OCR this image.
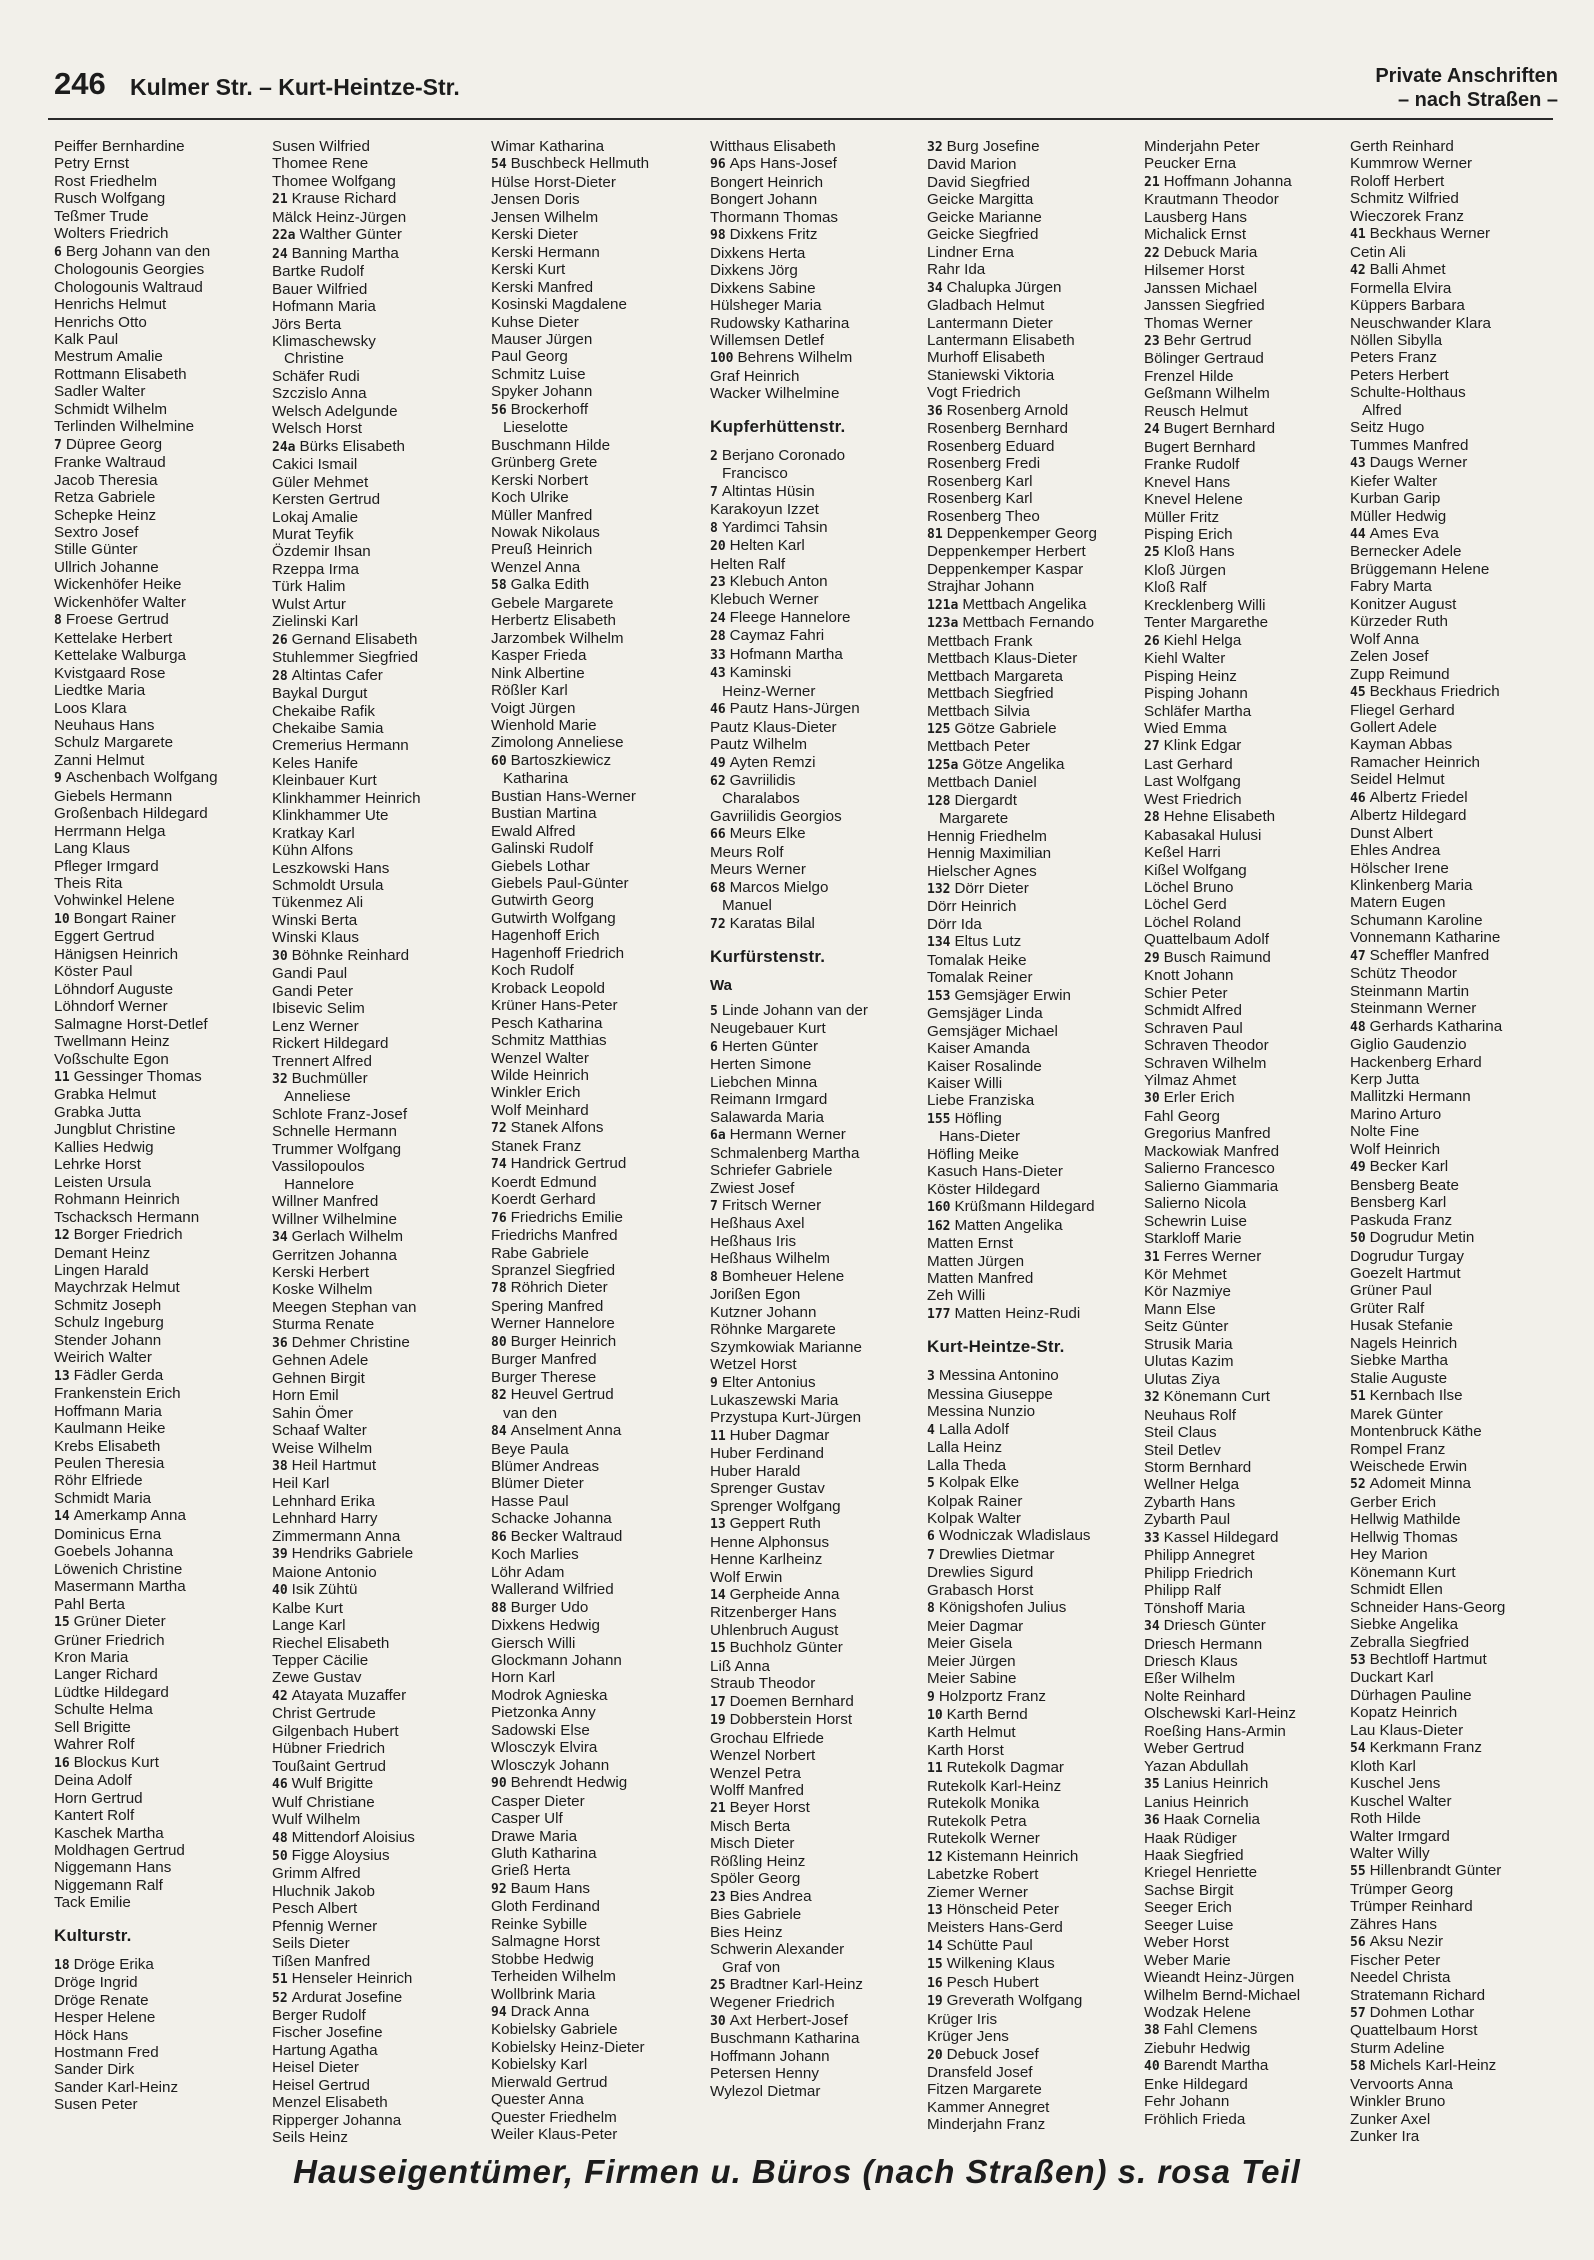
246 Kulmer Str. – Kurt-Heintze-Str.	Private Anschriften
– nach Straßen –
Peiffer Bernhardine
Petry Ernst
Rost Friedhelm
Rusch Wolfgang
Teßmer Trude
Wolters Friedrich
6 Berg Johann van den
Chologounis Georgies
Chologounis Waltraud
Henrichs Helmut
Henrichs Otto
Kalk Paul
Mestrum Amalie
Rottmann Elisabeth
Sadler Walter
Schmidt Wilhelm
Terlinden Wilhelmine
7 Düpree Georg
Franke Waltraud
Jacob Theresia
Retza Gabriele
Schepke Heinz
Sextro Josef
Stille Günter
Ullrich Johanne
Wickenhöfer Heike
Wickenhöfer Walter
8 Froese Gertrud
Kettelake Herbert
Kettelake Walburga
Kvistgaard Rose
Liedtke Maria
Loos Klara
Neuhaus Hans
Schulz Margarete
Zanni Helmut
9 Aschenbach Wolfgang
Giebels Hermann
Großenbach Hildegard
Herrmann Helga
Lang Klaus
Pfleger Irmgard
Theis Rita
Vohwinkel Helene
10 Bongart Rainer
Eggert Gertrud
Hänigsen Heinrich
Köster Paul
Löhndorf Auguste
Löhndorf Werner
Salmagne Horst-Detlef
Twellmann Heinz
Voßschulte Egon
11 Gessinger Thomas
Grabka Helmut
Grabka Jutta
Jungblut Christine
Kallies Hedwig
Lehrke Horst
Leisten Ursula
Rohmann Heinrich
Tschacksch Hermann
12 Borger Friedrich
Demant Heinz
Lingen Harald
Maychrzak Helmut
Schmitz Joseph
Schulz Ingeburg
Stender Johann
Weirich Walter
13 Fädler Gerda
Frankenstein Erich
Hoffmann Maria
Kaulmann Heike
Krebs Elisabeth
Peulen Theresia
Röhr Elfriede
Schmidt Maria
14 Amerkamp Anna
Dominicus Erna
Goebels Johanna
Löwenich Christine
Masermann Martha
Pahl Berta
15 Grüner Dieter
Grüner Friedrich
Kron Maria
Langer Richard
Lüdtke Hildegard
Schulte Helma
Sell Brigitte
Wahrer Rolf
16 Blockus Kurt
Deina Adolf
Horn Gertrud
Kantert Rolf
Kaschek Martha
Moldhagen Gertrud
Niggemann Hans
Niggemann Ralf
Tack Emilie
Kulturstr.
18 Dröge Erika
Dröge Ingrid
Dröge Renate
Hesper Helene
Höck Hans
Hostmann Fred
Sander Dirk
Sander Karl-Heinz
Susen Peter
Susen Wilfried
Thomee Rene
Thomee Wolfgang
21 Krause Richard
Mälck Heinz-Jürgen
22a Walther Günter
24 Banning Martha
Bartke Rudolf
Bauer Wilfried
Hofmann Maria
Jörs Berta
Klimaschewsky
Christine
Schäfer Rudi
Szczislo Anna
Welsch Adelgunde
Welsch Horst
24a Bürks Elisabeth
Cakici Ismail
Güler Mehmet
Kersten Gertrud
Lokaj Amalie
Murat Teyfik
Özdemir Ihsan
Rzeppa Irma
Türk Halim
Wulst Artur
Zielinski Karl
26 Gernand Elisabeth
Stuhlemmer Siegfried
28 Altintas Cafer
Baykal Durgut
Chekaibe Rafik
Chekaibe Samia
Cremerius Hermann
Keles Hanife
Kleinbauer Kurt
Klinkhammer Heinrich
Klinkhammer Ute
Kratkay Karl
Kühn Alfons
Leszkowski Hans
Schmoldt Ursula
Tükenmez Ali
Winski Berta
Winski Klaus
30 Böhnke Reinhard
Gandi Paul
Gandi Peter
Ibisevic Selim
Lenz Werner
Rickert Hildegard
Trennert Alfred
32 Buchmüller
Anneliese
Schlote Franz-Josef
Schnelle Hermann
Trummer Wolfgang
Vassilopoulos
Hannelore
Willner Manfred
Willner Wilhelmine
34 Gerlach Wilhelm
Gerritzen Johanna
Kerski Herbert
Koske Wilhelm
Meegen Stephan van
Sturma Renate
36 Dehmer Christine
Gehnen Adele
Gehnen Birgit
Horn Emil
Sahin Ömer
Schaaf Walter
Weise Wilhelm
38 Heil Hartmut
Heil Karl
Lehnhard Erika
Lehnhard Harry
Zimmermann Anna
39 Hendriks Gabriele
Maione Antonio
40 Isik Zühtü
Kalbe Kurt
Lange Karl
Riechel Elisabeth
Tepper Cäcilie
Zewe Gustav
42 Atayata Muzaffer
Christ Gertrude
Gilgenbach Hubert
Hübner Friedrich
Toußaint Gertrud
46 Wulf Brigitte
Wulf Christiane
Wulf Wilhelm
48 Mittendorf Aloisius
50 Figge Aloysius
Grimm Alfred
Hluchnik Jakob
Pesch Albert
Pfennig Werner
Seils Dieter
Tißen Manfred
51 Henseler Heinrich
52 Ardurat Josefine
Berger Rudolf
Fischer Josefine
Hartung Agatha
Heisel Dieter
Heisel Gertrud
Menzel Elisabeth
Ripperger Johanna
Seils Heinz
Wimar Katharina
54 Buschbeck Hellmuth
Hülse Horst-Dieter
Jensen Doris
Jensen Wilhelm
Kerski Dieter
Kerski Hermann
Kerski Kurt
Kerski Manfred
Kosinski Magdalene
Kuhse Dieter
Mauser Jürgen
Paul Georg
Schmitz Luise
Spyker Johann
56 Brockerhoff
Lieselotte
Buschmann Hilde
Grünberg Grete
Kerski Norbert
Koch Ulrike
Müller Manfred
Nowak Nikolaus
Preuß Heinrich
Wenzel Anna
58 Galka Edith
Gebele Margarete
Herbertz Elisabeth
Jarzombek Wilhelm
Kasper Frieda
Nink Albertine
Rößler Karl
Voigt Jürgen
Wienhold Marie
Zimolong Anneliese
60 Bartoszkiewicz
Katharina
Bustian Hans-Werner
Bustian Martina
Ewald Alfred
Galinski Rudolf
Giebels Lothar
Giebels Paul-Günter
Gutwirth Georg
Gutwirth Wolfgang
Hagenhoff Erich
Hagenhoff Friedrich
Koch Rudolf
Kroback Leopold
Krüner Hans-Peter
Pesch Katharina
Schmitz Matthias
Wenzel Walter
Wilde Heinrich
Winkler Erich
Wolf Meinhard
72 Stanek Alfons
Stanek Franz
74 Handrick Gertrud
Koerdt Edmund
Koerdt Gerhard
76 Friedrichs Emilie
Friedrichs Manfred
Rabe Gabriele
Spranzel Siegfried
78 Röhrich Dieter
Spering Manfred
Werner Hannelore
80 Burger Heinrich
Burger Manfred
Burger Therese
82 Heuvel Gertrud
van den
84 Anselment Anna
Beye Paula
Blümer Andreas
Blümer Dieter
Hasse Paul
Schacke Johanna
86 Becker Waltraud
Koch Marlies
Löhr Adam
Wallerand Wilfried
88 Burger Udo
Dixkens Hedwig
Giersch Willi
Glockmann Johann
Horn Karl
Modrok Agnieska
Pietzonka Anny
Sadowski Else
Wlosczyk Elvira
Wlosczyk Johann
90 Behrendt Hedwig
Casper Dieter
Casper Ulf
Drawe Maria
Gluth Katharina
Grieß Herta
92 Baum Hans
Gloth Ferdinand
Reinke Sybille
Salmagne Horst
Stobbe Hedwig
Terheiden Wilhelm
Wollbrink Maria
94 Drack Anna
Kobielsky Gabriele
Kobielsky Heinz-Dieter
Kobielsky Karl
Mierwald Gertrud
Quester Anna
Quester Friedhelm
Weiler Klaus-Peter
Witthaus Elisabeth
96 Aps Hans-Josef
Bongert Heinrich
Bongert Johann
Thormann Thomas
98 Dixkens Fritz
Dixkens Herta
Dixkens Jörg
Dixkens Sabine
Hülsheger Maria
Rudowsky Katharina
Willemsen Detlef
100 Behrens Wilhelm
Graf Heinrich
Wacker Wilhelmine
Kupferhüttenstr.
2 Berjano Coronado
Francisco
7 Altintas Hüsin
Karakoyun Izzet
8 Yardimci Tahsin
20 Helten Karl
Helten Ralf
23 Klebuch Anton
Klebuch Werner
24 Fleege Hannelore
28 Caymaz Fahri
33 Hofmann Martha
43 Kaminski
Heinz-Werner
46 Pautz Hans-Jürgen
Pautz Klaus-Dieter
Pautz Wilhelm
49 Ayten Remzi
62 Gavriilidis
Charalabos
Gavriilidis Georgios
66 Meurs Elke
Meurs Rolf
Meurs Werner
68 Marcos Mielgo
Manuel
72 Karatas Bilal
Kurfürstenstr.
Wa
5 Linde Johann van der
Neugebauer Kurt
6 Herten Günter
Herten Simone
Liebchen Minna
Reimann Irmgard
Salawarda Maria
6a Hermann Werner
Schmalenberg Martha
Schriefer Gabriele
Zwiest Josef
7 Fritsch Werner
Heßhaus Axel
Heßhaus Iris
Heßhaus Wilhelm
8 Bomheuer Helene
Jorißen Egon
Kutzner Johann
Röhnke Margarete
Szymkowiak Marianne
Wetzel Horst
9 Elter Antonius
Lukaszewski Maria
Przystupa Kurt-Jürgen
11 Huber Dagmar
Huber Ferdinand
Huber Harald
Sprenger Gustav
Sprenger Wolfgang
13 Geppert Ruth
Henne Alphonsus
Henne Karlheinz
Wolf Erwin
14 Gerpheide Anna
Ritzenberger Hans
Uhlenbruch August
15 Buchholz Günter
Liß Anna
Straub Theodor
17 Doemen Bernhard
19 Dobberstein Horst
Grochau Elfriede
Wenzel Norbert
Wenzel Petra
Wolff Manfred
21 Beyer Horst
Misch Berta
Misch Dieter
Rößling Heinz
Spöler Georg
23 Bies Andrea
Bies Gabriele
Bies Heinz
Schwerin Alexander
Graf von
25 Bradtner Karl-Heinz
Wegener Friedrich
30 Axt Herbert-Josef
Buschmann Katharina
Hoffmann Johann
Petersen Henny
Wylezol Dietmar
32 Burg Josefine
David Marion
David Siegfried
Geicke Margitta
Geicke Marianne
Geicke Siegfried
Lindner Erna
Rahr Ida
34 Chalupka Jürgen
Gladbach Helmut
Lantermann Dieter
Lantermann Elisabeth
Murhoff Elisabeth
Staniewski Viktoria
Vogt Friedrich
36 Rosenberg Arnold
Rosenberg Bernhard
Rosenberg Eduard
Rosenberg Fredi
Rosenberg Karl
Rosenberg Karl
Rosenberg Theo
81 Deppenkemper Georg
Deppenkemper Herbert
Deppenkemper Kaspar
Strajhar Johann
121a Mettbach Angelika
123a Mettbach Fernando
Mettbach Frank
Mettbach Klaus-Dieter
Mettbach Margareta
Mettbach Siegfried
Mettbach Silvia
125 Götze Gabriele
Mettbach Peter
125a Götze Angelika
Mettbach Daniel
128 Diergardt
Margarete
Hennig Friedhelm
Hennig Maximilian
Hielscher Agnes
132 Dörr Dieter
Dörr Heinrich
Dörr Ida
134 Eltus Lutz
Tomalak Heike
Tomalak Reiner
153 Gemsjäger Erwin
Gemsjäger Linda
Gemsjäger Michael
Kaiser Amanda
Kaiser Rosalinde
Kaiser Willi
Liebe Franziska
155 Höfling
Hans-Dieter
Höfling Meike
Kasuch Hans-Dieter
Köster Hildegard
160 Krüßmann Hildegard
162 Matten Angelika
Matten Ernst
Matten Jürgen
Matten Manfred
Zeh Willi
177 Matten Heinz-Rudi
Kurt-Heintze-Str.
3 Messina Antonino
Messina Giuseppe
Messina Nunzio
4 Lalla Adolf
Lalla Heinz
Lalla Theda
5 Kolpak Elke
Kolpak Rainer
Kolpak Walter
6 Wodniczak Wladislaus
7 Drewlies Dietmar
Drewlies Sigurd
Grabasch Horst
8 Königshofen Julius
Meier Dagmar
Meier Gisela
Meier Jürgen
Meier Sabine
9 Holzportz Franz
10 Karth Bernd
Karth Helmut
Karth Horst
11 Rutekolk Dagmar
Rutekolk Karl-Heinz
Rutekolk Monika
Rutekolk Petra
Rutekolk Werner
12 Kistemann Heinrich
Labetzke Robert
Ziemer Werner
13 Hönscheid Peter
Meisters Hans-Gerd
14 Schütte Paul
15 Wilkening Klaus
16 Pesch Hubert
19 Greverath Wolfgang
Krüger Iris
Krüger Jens
20 Debuck Josef
Dransfeld Josef
Fitzen Margarete
Kammer Annegret
Minderjahn Franz
Minderjahn Peter
Peucker Erna
21 Hoffmann Johanna
Krautmann Theodor
Lausberg Hans
Michalick Ernst
22 Debuck Maria
Hilsemer Horst
Janssen Michael
Janssen Siegfried
Thomas Werner
23 Behr Gertrud
Bölinger Gertraud
Frenzel Hilde
Geßmann Wilhelm
Reusch Helmut
24 Bugert Bernhard
Bugert Bernhard
Franke Rudolf
Knevel Hans
Knevel Helene
Müller Fritz
Pisping Erich
25 Kloß Hans
Kloß Jürgen
Kloß Ralf
Krecklenberg Willi
Tenter Margarethe
26 Kiehl Helga
Kiehl Walter
Pisping Heinz
Pisping Johann
Schläfer Martha
Wied Emma
27 Klink Edgar
Last Gerhard
Last Wolfgang
West Friedrich
28 Hehne Elisabeth
Kabasakal Hulusi
Keßel Harri
Kißel Wolfgang
Löchel Bruno
Löchel Gerd
Löchel Roland
Quattelbaum Adolf
29 Busch Raimund
Knott Johann
Schier Peter
Schmidt Alfred
Schraven Paul
Schraven Theodor
Schraven Wilhelm
Yilmaz Ahmet
30 Erler Erich
Fahl Georg
Gregorius Manfred
Mackowiak Manfred
Salierno Francesco
Salierno Giammaria
Salierno Nicola
Schewrin Luise
Starkloff Marie
31 Ferres Werner
Kör Mehmet
Kör Nazmiye
Mann Else
Seitz Günter
Strusik Maria
Ulutas Kazim
Ulutas Ziya
32 Könemann Curt
Neuhaus Rolf
Steil Claus
Steil Detlev
Storm Bernhard
Wellner Helga
Zybarth Hans
Zybarth Paul
33 Kassel Hildegard
Philipp Annegret
Philipp Friedrich
Philipp Ralf
Tönshoff Maria
34 Driesch Günter
Driesch Hermann
Driesch Klaus
Eßer Wilhelm
Nolte Reinhard
Olschewski Karl-Heinz
Roeßing Hans-Armin
Weber Gertrud
Yazan Abdullah
35 Lanius Heinrich
Lanius Heinrich
36 Haak Cornelia
Haak Rüdiger
Haak Siegfried
Kriegel Henriette
Sachse Birgit
Seeger Erich
Seeger Luise
Weber Horst
Weber Marie
Wieandt Heinz-Jürgen
Wilhelm Bernd-Michael
Wodzak Helene
38 Fahl Clemens
Ziebuhr Hedwig
40 Barendt Martha
Enke Hildegard
Fehr Johann
Fröhlich Frieda
Gerth Reinhard
Kummrow Werner
Roloff Herbert
Schmitz Wilfried
Wieczorek Franz
41 Beckhaus Werner
Cetin Ali
42 Balli Ahmet
Formella Elvira
Küppers Barbara
Neuschwander Klara
Nöllen Sibylla
Peters Franz
Peters Herbert
Schulte-Holthaus
Alfred
Seitz Hugo
Tummes Manfred
43 Daugs Werner
Kiefer Walter
Kurban Garip
Müller Hedwig
44 Ames Eva
Bernecker Adele
Brüggemann Helene
Fabry Marta
Konitzer August
Kürzeder Ruth
Wolf Anna
Zelen Josef
Zupp Reimund
45 Beckhaus Friedrich
Fliegel Gerhard
Gollert Adele
Kayman Abbas
Ramacher Heinrich
Seidel Helmut
46 Albertz Friedel
Albertz Hildegard
Dunst Albert
Ehles Andrea
Hölscher Irene
Klinkenberg Maria
Matern Eugen
Schumann Karoline
Vonnemann Katharine
47 Scheffler Manfred
Schütz Theodor
Steinmann Martin
Steinmann Werner
48 Gerhards Katharina
Giglio Gaudenzio
Hackenberg Erhard
Kerp Jutta
Mallitzki Hermann
Marino Arturo
Nolte Fine
Wolf Heinrich
49 Becker Karl
Bensberg Beate
Bensberg Karl
Paskuda Franz
50 Dogrudur Metin
Dogrudur Turgay
Goezelt Hartmut
Grüner Paul
Grüter Ralf
Husak Stefanie
Nagels Heinrich
Siebke Martha
Stalie Auguste
51 Kernbach Ilse
Marek Günter
Montenbruck Käthe
Rompel Franz
Weischede Erwin
52 Adomeit Minna
Gerber Erich
Hellwig Mathilde
Hellwig Thomas
Hey Marion
Könemann Kurt
Schmidt Ellen
Schneider Hans-Georg
Siebke Angelika
Zebralla Siegfried
53 Bechtloff Hartmut
Duckart Karl
Dürhagen Pauline
Kopatz Heinrich
Lau Klaus-Dieter
54 Kerkmann Franz
Kloth Karl
Kuschel Jens
Kuschel Walter
Roth Hilde
Walter Irmgard
Walter Willy
55 Hillenbrandt Günter
Trümper Georg
Trümper Reinhard
Zähres Hans
56 Aksu Nezir
Fischer Peter
Needel Christa
Stratemann Richard
57 Dohmen Lothar
Quattelbaum Horst
Sturm Adeline
58 Michels Karl-Heinz
Vervoorts Anna
Winkler Bruno
Zunker Axel
Zunker Ira
Hauseigentümer, Firmen u. Büros (nach Straßen) s. rosa Teil
